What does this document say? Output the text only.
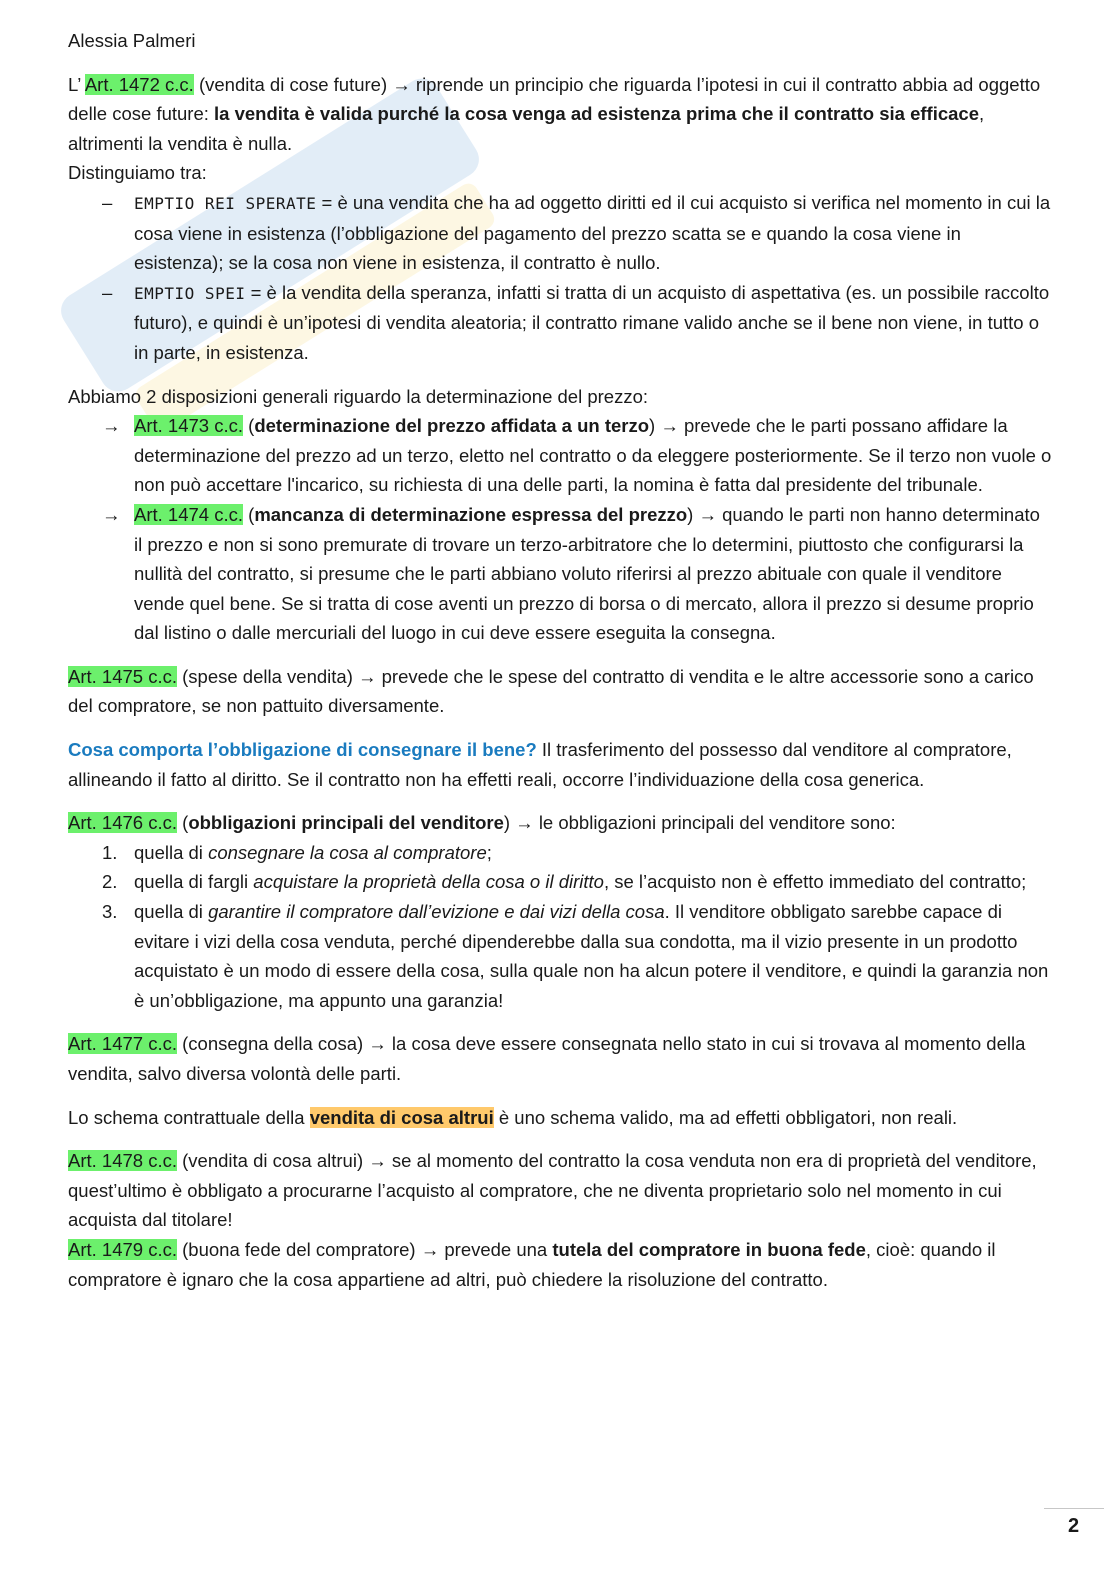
Alessia Palmeri

L’ Art. 1472 c.c. (vendita di cose future) → riprende un principio che riguarda l’ipotesi in cui il contratto abbia ad oggetto delle cose future: la vendita è valida purché la cosa venga ad esistenza prima che il contratto sia efficace, altrimenti la vendita è nulla.

Distinguiamo tra:

– EMPTIO REI SPERATE = è una vendita che ha ad oggetto diritti ed il cui acquisto si verifica nel momento in cui la cosa viene in esistenza (l’obbligazione del pagamento del prezzo scatta se e quando la cosa viene in esistenza); se la cosa non viene in esistenza, il contratto è nullo.

– EMPTIO SPEI = è la vendita della speranza, infatti si tratta di un acquisto di aspettativa (es. un possibile raccolto futuro), e quindi è un’ipotesi di vendita aleatoria; il contratto rimane valido anche se il bene non viene, in tutto o in parte, in esistenza.

Abbiamo 2 disposizioni generali riguardo la determinazione del prezzo:

→ Art. 1473 c.c. (determinazione del prezzo affidata a un terzo) → prevede che le parti possano affidare la determinazione del prezzo ad un terzo, eletto nel contratto o da eleggere posteriormente. Se il terzo non vuole o non può accettare l'incarico, su richiesta di una delle parti, la nomina è fatta dal presidente del tribunale.

→ Art. 1474 c.c. (mancanza di determinazione espressa del prezzo) → quando le parti non hanno determinato il prezzo e non si sono premurate di trovare un terzo-arbitratore che lo determini, piuttosto che configurarsi la nullità del contratto, si presume che le parti abbiano voluto riferirsi al prezzo abituale con quale il venditore vende quel bene. Se si tratta di cose aventi un prezzo di borsa o di mercato, allora il prezzo si desume proprio dal listino o dalle mercuriali del luogo in cui deve essere eseguita la consegna.

Art. 1475 c.c. (spese della vendita) → prevede che le spese del contratto di vendita e le altre accessorie sono a carico del compratore, se non pattuito diversamente.

Cosa comporta l’obbligazione di consegnare il bene? Il trasferimento del possesso dal venditore al compratore, allineando il fatto al diritto. Se il contratto non ha effetti reali, occorre l’individuazione della cosa generica.

Art. 1476 c.c. (obbligazioni principali del venditore) → le obbligazioni principali del venditore sono:

1. quella di consegnare la cosa al compratore;

2. quella di fargli acquistare la proprietà della cosa o il diritto, se l’acquisto non è effetto immediato del contratto;

3. quella di garantire il compratore dall’evizione e dai vizi della cosa. Il venditore obbligato sarebbe capace di evitare i vizi della cosa venduta, perché dipenderebbe dalla sua condotta, ma il vizio presente in un prodotto acquistato è un modo di essere della cosa, sulla quale non ha alcun potere il venditore, e quindi la garanzia non è un’obbligazione, ma appunto una garanzia!

Art. 1477 c.c. (consegna della cosa) → la cosa deve essere consegnata nello stato in cui si trovava al momento della vendita, salvo diversa volontà delle parti.

Lo schema contrattuale della vendita di cosa altrui è uno schema valido, ma ad effetti obbligatori, non reali.

Art. 1478 c.c. (vendita di cosa altrui) → se al momento del contratto la cosa venduta non era di proprietà del venditore, quest’ultimo è obbligato a procurarne l’acquisto al compratore, che ne diventa proprietario solo nel momento in cui acquista dal titolare!

Art. 1479 c.c. (buona fede del compratore) → prevede una tutela del compratore in buona fede, cioè: quando il compratore è ignaro che la cosa appartiene ad altri, può chiedere la risoluzione del contratto.

2
